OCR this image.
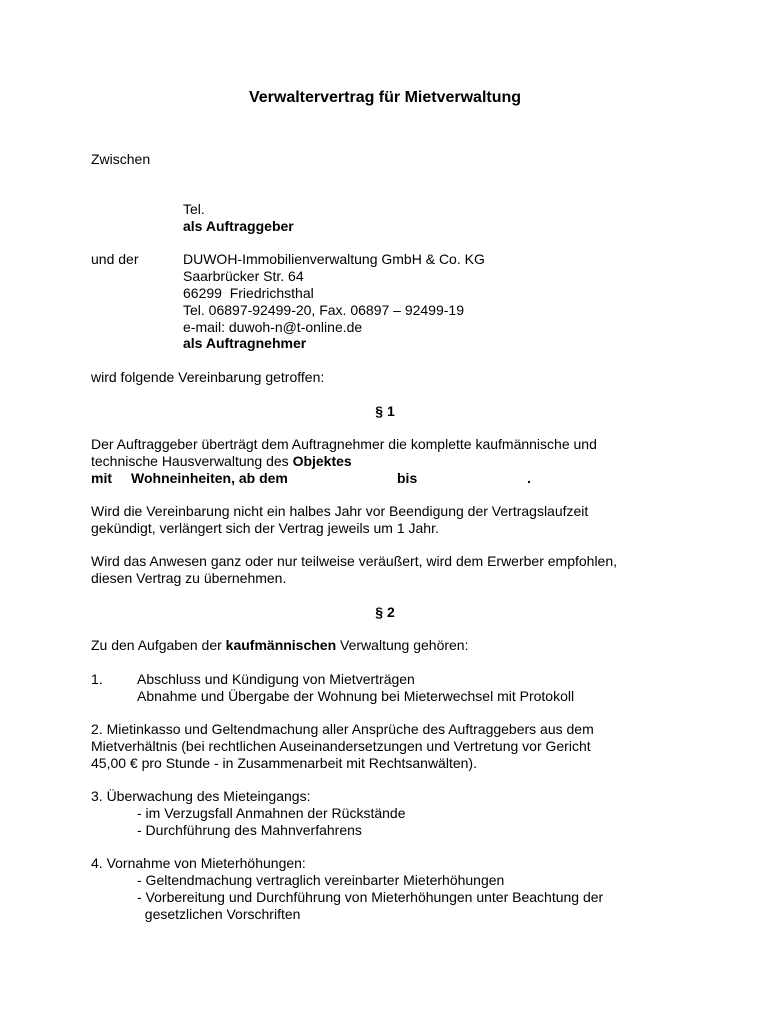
Verwaltervertrag für Mietverwaltung
Zwischen
Tel.
als Auftraggeber
und der	DUWOH-Immobilienverwaltung GmbH & Co. KG
Saarbrücker Str. 64
66299  Friedrichsthal
Tel. 06897-92499-20, Fax. 06897 – 92499-19
e-mail: duwoh-n@t-online.de
als Auftragnehmer
wird folgende Vereinbarung getroffen:
§ 1
Der Auftraggeber überträgt dem Auftragnehmer die komplette kaufmännische und
technische Hausverwaltung des Objektes
mit Wohneinheiten, ab dem	bis	.
Wird die Vereinbarung nicht ein halbes Jahr vor Beendigung der Vertragslaufzeit
gekündigt, verlängert sich der Vertrag jeweils um 1 Jahr.
Wird das Anwesen ganz oder nur teilweise veräußert, wird dem Erwerber empfohlen,
diesen Vertrag zu übernehmen.
§ 2
Zu den Aufgaben der kaufmännischen Verwaltung gehören:
1. Abschluss und Kündigung von Mietverträgen
Abnahme und Übergabe der Wohnung bei Mieterwechsel mit Protokoll
2. Mietinkasso und Geltendmachung aller Ansprüche des Auftraggebers aus dem
Mietverhältnis (bei rechtlichen Auseinandersetzungen und Vertretung vor Gericht
45,00 € pro Stunde - in Zusammenarbeit mit Rechtsanwälten).
3. Überwachung des Mieteingangs:
- im Verzugsfall Anmahnen der Rückstände
- Durchführung des Mahnverfahrens
4. Vornahme von Mieterhöhungen:
- Geltendmachung vertraglich vereinbarter Mieterhöhungen
- Vorbereitung und Durchführung von Mieterhöhungen unter Beachtung der
gesetzlichen Vorschriften
